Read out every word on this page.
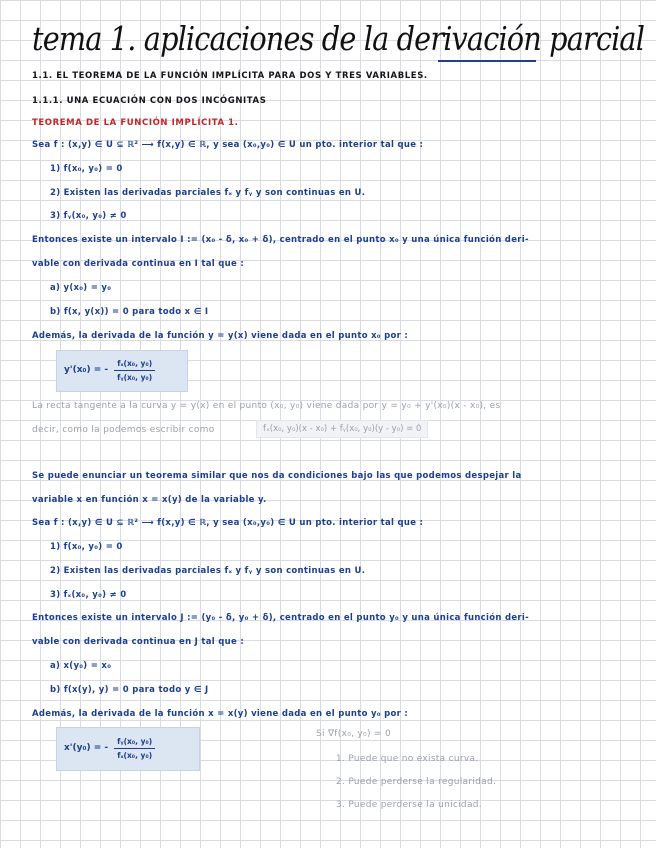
tema 1. aplicaciones de la derivación parcial
1.1. EL TEOREMA DE LA FUNCIÓN IMPLÍCITA PARA DOS Y TRES VARIABLES.
1.1.1. UNA ECUACIÓN CON DOS INCÓGNITAS
TEOREMA DE LA FUNCIÓN IMPLÍCITA 1.
Sea f : (x,y) ∈ U ⊆ ℝ² ⟶ f(x,y) ∈ ℝ, y sea (x₀,y₀) ∈ U un pto. interior tal que :
1) f(x₀, y₀) = 0
2) Existen las derivadas parciales fₓ y fᵧ y son continuas en U.
3) fᵧ(x₀, y₀) ≠ 0
Entonces existe un intervalo I := (x₀ - δ, x₀ + δ), centrado en el punto x₀ y una única función deri-
vable con derivada continua en I tal que :
a) y(x₀) = y₀
b) f(x, y(x)) = 0 para todo x ∈ I
Además, la derivada de la función y = y(x) viene dada en el punto x₀ por :
y'(x₀) = - $\frac{\text{fₓ(x₀, y₀)}}{\text{fᵧ(x₀, y₀)}}$
La recta tangente a la curva y = y(x) en el punto (x₀, y₀) viene dada por y = y₀ + y'(x₀)(x - x₀), es
decir, como la podemos escribir como	fₓ(x₀, y₀)(x - x₀) + fᵧ(x₀, y₀)(y - y₀) = 0
Se puede enunciar un teorema similar que nos da condiciones bajo las que podemos despejar la
variable x en función x = x(y) de la variable y.
Sea f : (x,y) ∈ U ⊆ ℝ² ⟶ f(x,y) ∈ ℝ, y sea (x₀,y₀) ∈ U un pto. interior tal que :
1) f(x₀, y₀) = 0
2) Existen las derivadas parciales fₓ y fᵧ y son continuas en U.
3) fₓ(x₀, y₀) ≠ 0
Entonces existe un intervalo J := (y₀ - δ, y₀ + δ), centrado en el punto y₀ y una única función deri-
vable con derivada continua en J tal que :
a) x(y₀) = x₀
b) f(x(y), y) = 0 para todo y ∈ J
Además, la derivada de la función x = x(y) viene dada en el punto y₀ por :
x'(y₀) = - $\frac{\text{fᵧ(x₀, y₀)}}{\text{fₓ(x₀, y₀)}}$
Si ∇f(x₀, y₀) = 0
1. Puede que no exista curva.
2. Puede perderse la regularidad.
3. Puede perderse la unicidad.
